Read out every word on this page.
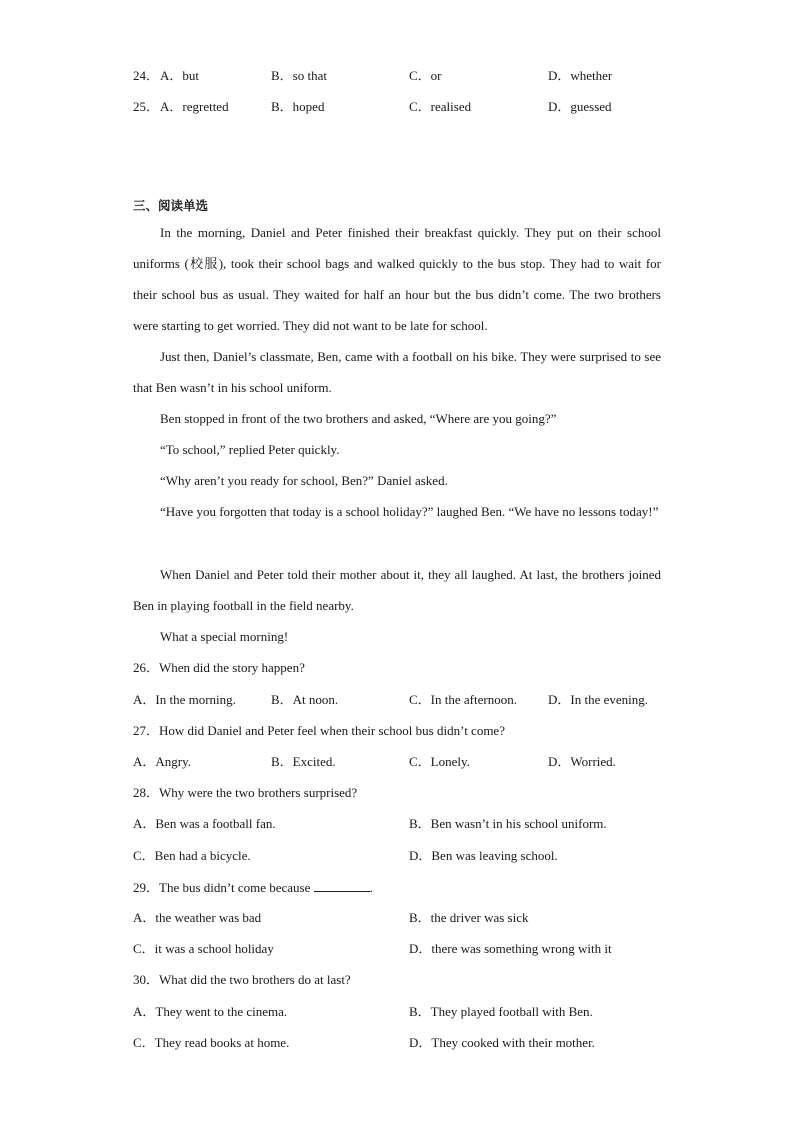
24． A．but	B．so that	C．or	D．whether
25． A．regretted	B．hoped	C．realised	D．guessed
三、阅读单选
In the morning, Daniel and Peter finished their breakfast quickly. They put on their school uniforms (校服), took their school bags and walked quickly to the bus stop. They had to wait for their school bus as usual. They waited for half an hour but the bus didn’t come. The two brothers were starting to get worried. They did not want to be late for school.
Just then, Daniel’s classmate, Ben, came with a football on his bike. They were surprised to see that Ben wasn’t in his school uniform.
Ben stopped in front of the two brothers and asked, “Where are you going?”
“To school,” replied Peter quickly.
“Why aren’t you ready for school, Ben?” Daniel asked.
“Have you forgotten that today is a school holiday?” laughed Ben. “We have no lessons today!”
When Daniel and Peter told their mother about it, they all laughed. At last, the brothers joined Ben in playing football in the field nearby.
What a special morning!
26．When did the story happen?
A．In the morning.	B．At noon.	C．In the afternoon. D．In the evening.
27．How did Daniel and Peter feel when their school bus didn’t come?
A．Angry.	B．Excited.	C．Lonely.	D．Worried.
28．Why were the two brothers surprised?
A．Ben was a football fan.	B．Ben wasn’t in his school uniform.
C．Ben had a bicycle.	D．Ben was leaving school.
29．The bus didn’t come because	.
A．the weather was bad	B．the driver was sick
C．it was a school holiday	D．there was something wrong with it
30．What did the two brothers do at last?
A．They went to the cinema.	B．They played football with Ben.
C．They read books at home.	D．They cooked with their mother.
